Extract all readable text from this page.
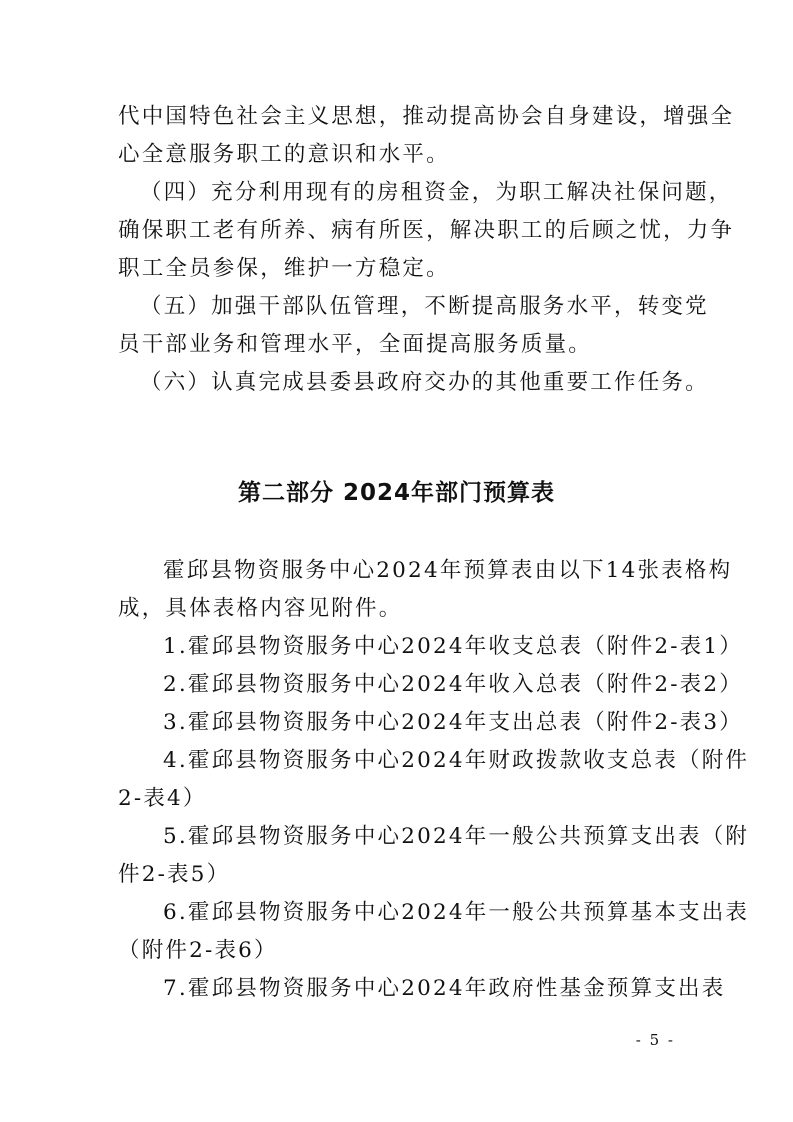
代中国特色社会主义思想，推动提高协会自身建设，增强全
心全意服务职工的意识和水平。
（四）充分利用现有的房租资金，为职工解决社保问题，
确保职工老有所养、病有所医，解决职工的后顾之忧，力争
职工全员参保，维护一方稳定。
（五）加强干部队伍管理，不断提高服务水平，转变党
员干部业务和管理水平，全面提高服务质量。
（六）认真完成县委县政府交办的其他重要工作任务。
第二部分 2024年部门预算表
霍邱县物资服务中心2024年预算表由以下14张表格构
成，具体表格内容见附件。
1.霍邱县物资服务中心2024年收支总表（附件2-表1）
2.霍邱县物资服务中心2024年收入总表（附件2-表2）
3.霍邱县物资服务中心2024年支出总表（附件2-表3）
4.霍邱县物资服务中心2024年财政拨款收支总表（附件
2-表4）
5.霍邱县物资服务中心2024年一般公共预算支出表（附
件2-表5）
6.霍邱县物资服务中心2024年一般公共预算基本支出表
（附件2-表6）
7.霍邱县物资服务中心2024年政府性基金预算支出表
- 5 -
